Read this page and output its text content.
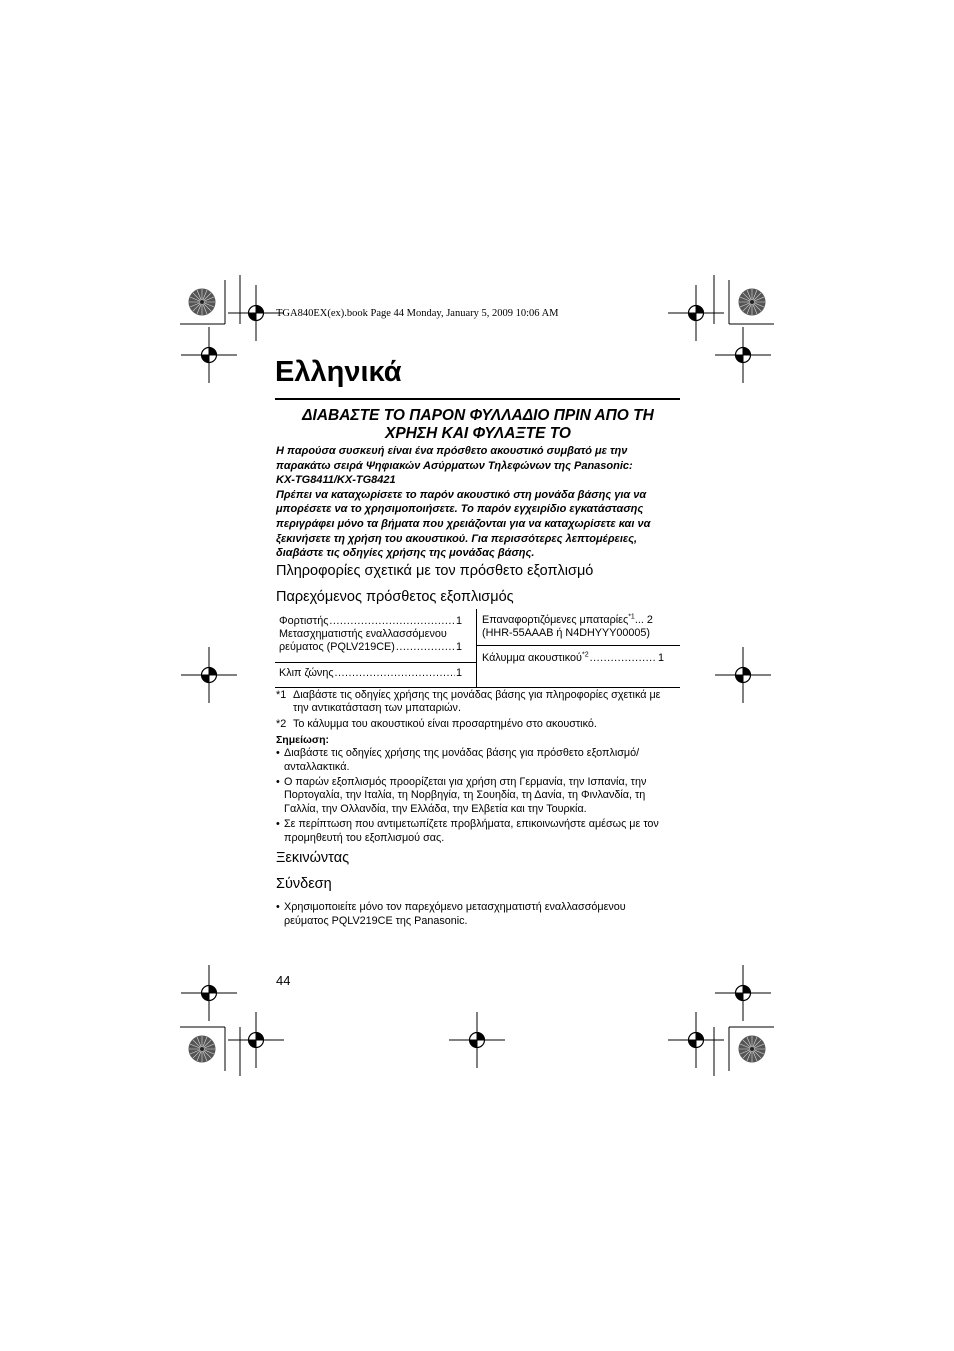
TGA840EX(ex).book Page 44 Monday, January 5, 2009 10:06 AM
Ελληνικά
ΔΙΑΒΑΣΤΕ ΤΟ ΠΑΡΟΝ ΦΥΛΛΑΔΙΟ ΠΡΙΝ ΑΠΟ ΤΗ
ΧΡΗΣΗ ΚΑΙ ΦΥΛΑΞΤΕ ΤΟ

Η παρούσα συσκευή είναι ένα πρόσθετο ακουστικό συμβατό με την
παρακάτω σειρά Ψηφιακών Ασύρματων Τηλεφώνων της Panasonic:
KX-TG8411/KX-TG8421

Πρέπει να καταχωρίσετε το παρόν ακουστικό στη μονάδα βάσης για να
μπορέσετε να το χρησιμοποιήσετε. Το παρόν εγχειρίδιο εγκατάστασης
περιγράφει μόνο τα βήματα που χρειάζονται για να καταχωρίσετε και να
ξεκινήσετε τη χρήση του ακουστικού. Για περισσότερες λεπτομέρειες,
διαβάστε τις οδηγίες χρήσης της μονάδας βάσης.

Πληροφορίες σχετικά με τον πρόσθετο εξοπλισμό
Παρεχόμενος πρόσθετος εξοπλισμός
Φορτιστής .....	1
Μετασχηματιστής εναλλασσόμενου
ρεύματος (PQLV219CE) .....	1
Κλιπ ζώνης .....	1
Επαναφορτιζόμενες μπαταρίες$^{*1}$... 2
(HHR-55AAAB ή N4DHYYY00005)
Κάλυμμα ακουστικού$^{*2}$ .....	1
*1 Διαβάστε τις οδηγίες χρήσης της μονάδας βάσης για πληροφορίες σχετικά με
την αντικατάσταση των μπαταριών.
*2 Το κάλυμμα του ακουστικού είναι προσαρτημένο στο ακουστικό.
Σημείωση:
• Διαβάστε τις οδηγίες χρήσης της μονάδας βάσης για πρόσθετο εξοπλισμό/
ανταλλακτικά.
• Ο παρών εξοπλισμός προορίζεται για χρήση στη Γερμανία, την Ισπανία, την
Πορτογαλία, την Ιταλία, τη Νορβηγία, τη Σουηδία, τη Δανία, τη Φινλανδία, τη
Γαλλία, την Ολλανδία, την Ελλάδα, την Ελβετία και την Τουρκία.
• Σε περίπτωση που αντιμετωπίζετε προβλήματα, επικοινωνήστε αμέσως με τον
προμηθευτή του εξοπλισμού σας.
Ξεκινώντας
Σύνδεση
• Χρησιμοποιείτε μόνο τον παρεχόμενο μετασχηματιστή εναλλασσόμενου
ρεύματος PQLV219CE της Panasonic.
44
